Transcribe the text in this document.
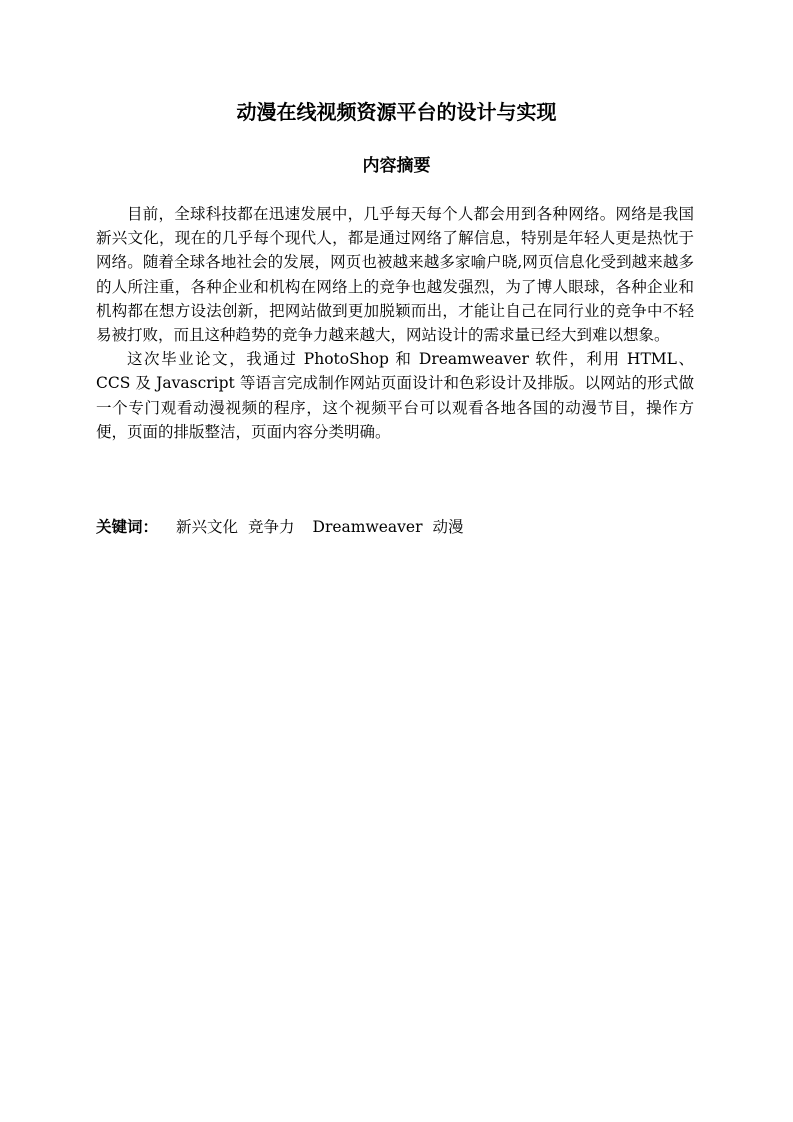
动漫在线视频资源平台的设计与实现
内容摘要

目前，全球科技都在迅速发展中，几乎每天每个人都会用到各种网络。网络是我国新兴文化，现在的几乎每个现代人，都是通过网络了解信息，特别是年轻人更是热忱于网络。随着全球各地社会的发展，网页也被越来越多家喻户晓,网页信息化受到越来越多的人所注重，各种企业和机构在网络上的竞争也越发强烈，为了博人眼球，各种企业和机构都在想方设法创新，把网站做到更加脱颖而出，才能让自己在同行业的竞争中不轻易被打败，而且这种趋势的竞争力越来越大，网站设计的需求量已经大到难以想象。

这次毕业论文，我通过 PhotoShop 和 Dreamweaver 软件，利用 HTML、CCS 及 Javascript 等语言完成制作网站页面设计和色彩设计及排版。以网站的形式做一个专门观看动漫视频的程序，这个视频平台可以观看各地各国的动漫节目，操作方便，页面的排版整洁，页面内容分类明确。

关键词： 新兴文化 竞争力 Dreamweaver 动漫
